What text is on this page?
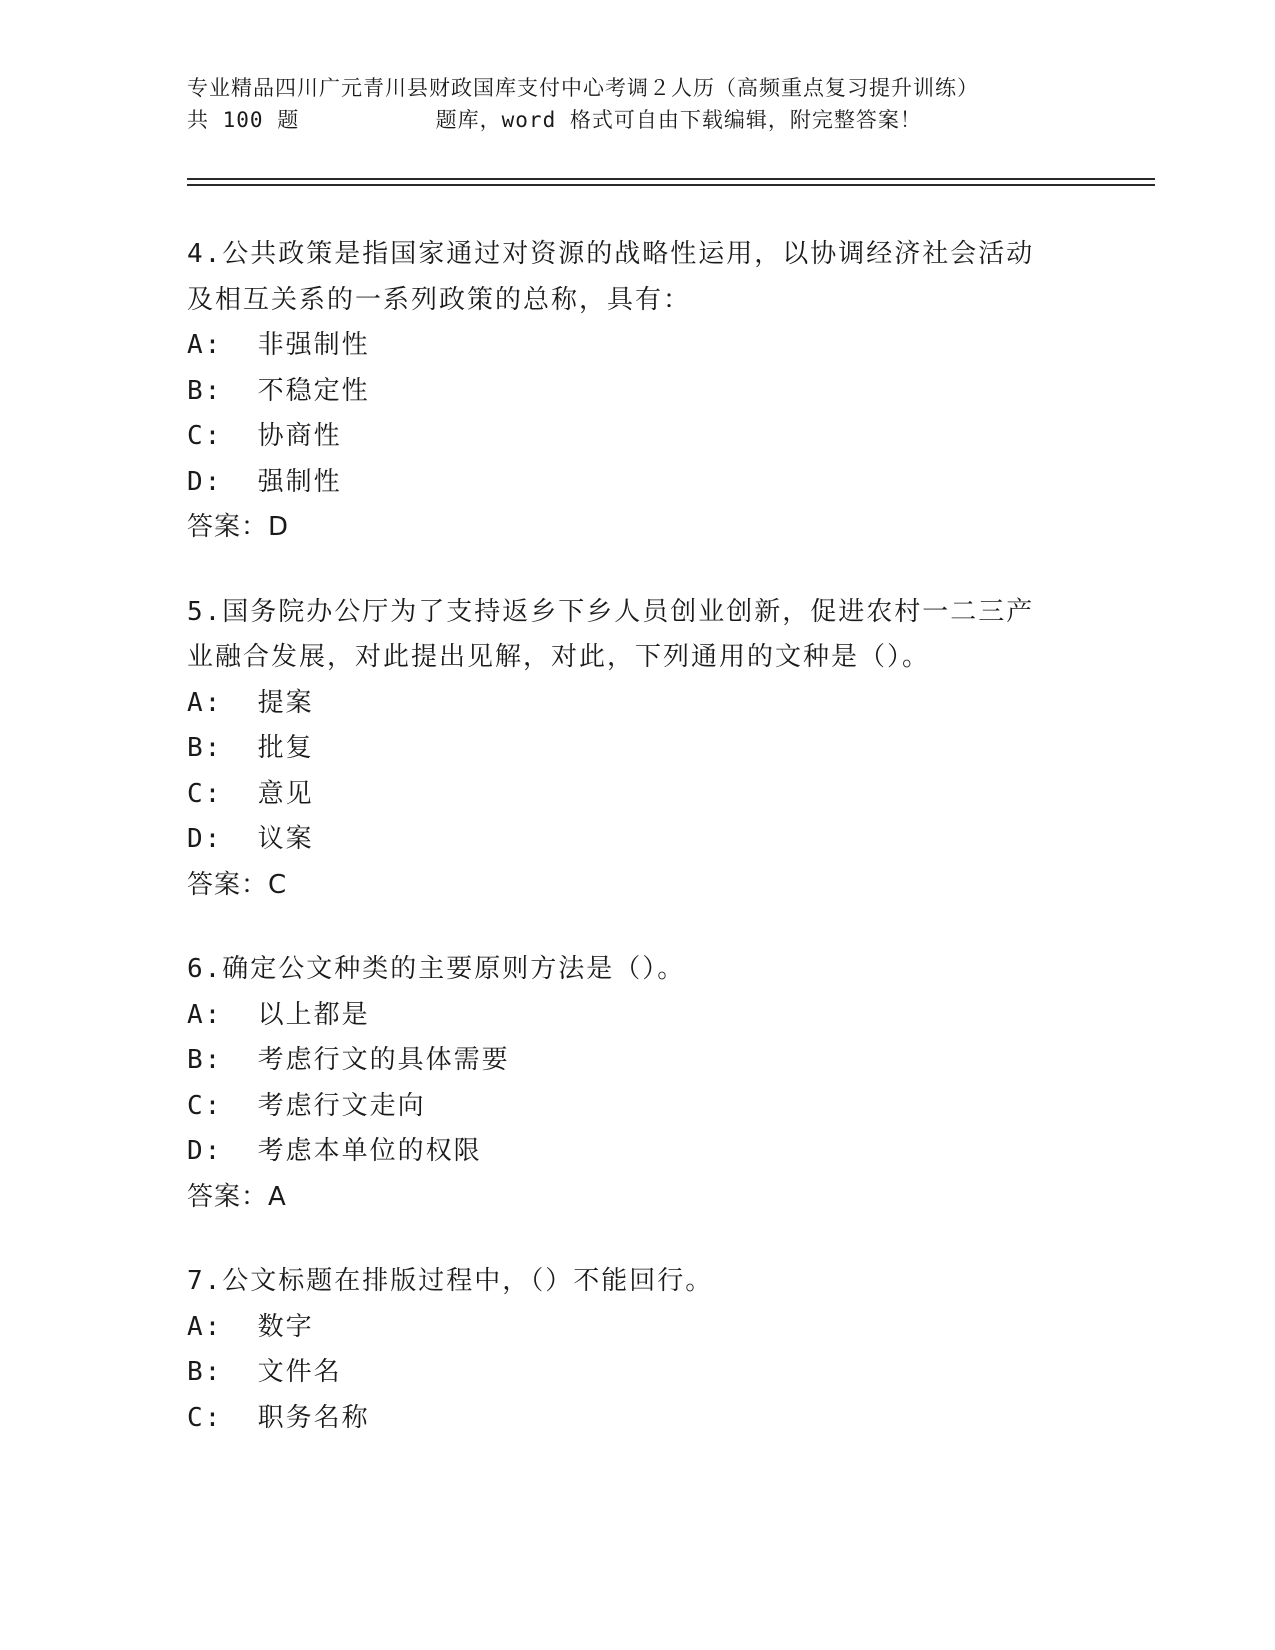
专业精品四川广元青川县财政国库支付中心考调２人历（高频重点复习提升训练）
共 100 题          题库，word 格式可自由下载编辑，附完整答案！
4.公共政策是指国家通过对资源的战略性运用，以协调经济社会活动
及相互关系的一系列政策的总称，具有：
A:  非强制性
B:  不稳定性
C:  协商性
D:  强制性
答案：D
5.国务院办公厅为了支持返乡下乡人员创业创新，促进农村一二三产
业融合发展，对此提出见解，对此，下列通用的文种是（）。
A:  提案
B:  批复
C:  意见
D:  议案
答案：C
6.确定公文种类的主要原则方法是（）。
A:  以上都是
B:  考虑行文的具体需要
C:  考虑行文走向
D:  考虑本单位的权限
答案：A
7.公文标题在排版过程中，（）不能回行。
A:  数字
B:  文件名
C:  职务名称
